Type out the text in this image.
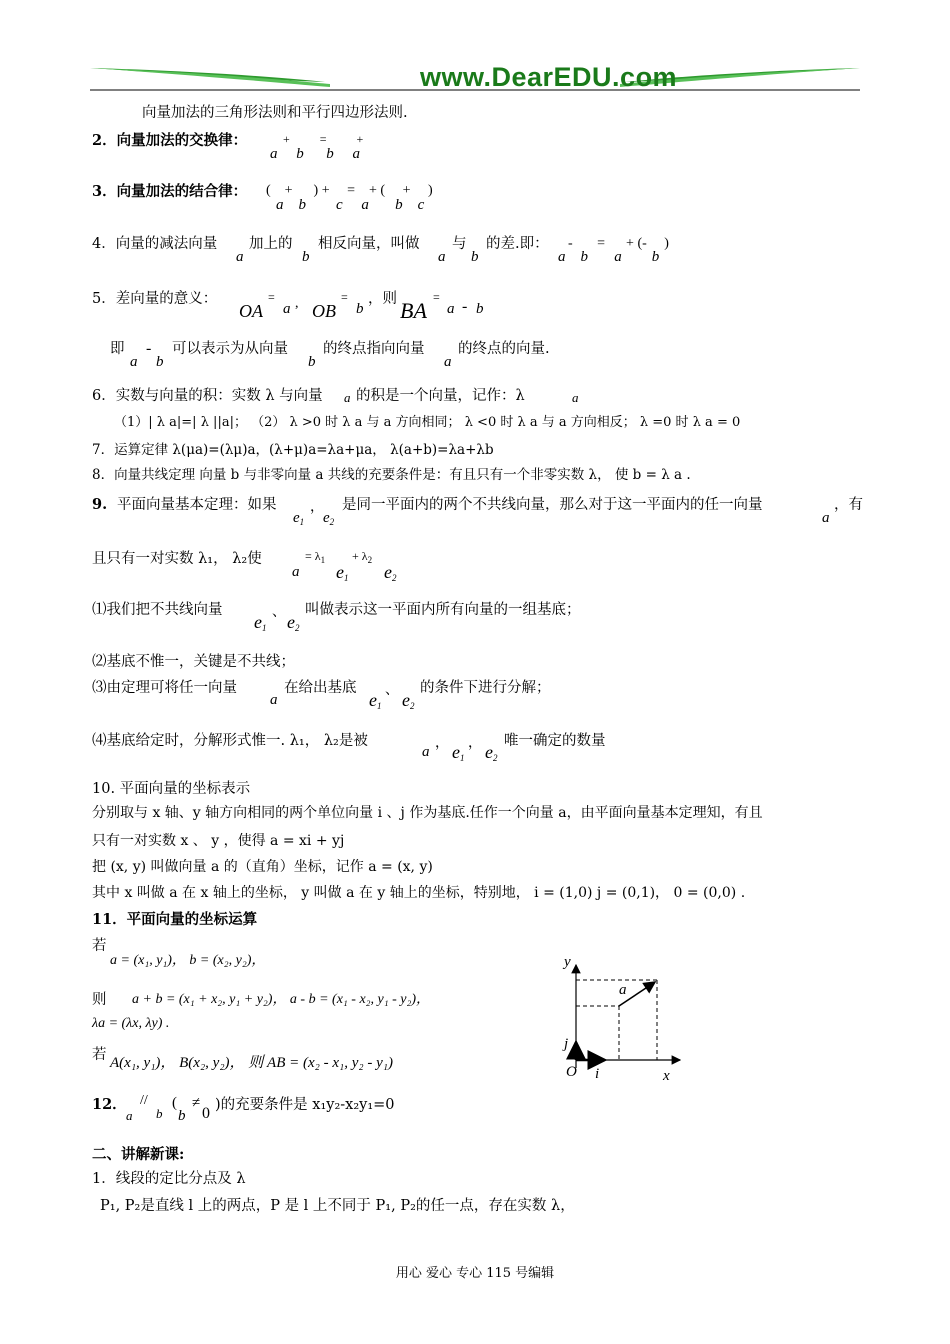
www.DearEDU.com
向量加法的三角形法则和平行四边形法则.
2．向量加法的交换律：	+          =          +
a     b      b     a
3．向量加法的结合律： (    +      ) +     =    + (     +     )
a    b        c     a       b    c
4．向量的减法向量 加上的 相反向量，叫做 与 的差.即：
a	b	a b
-       =      + (-     )
a    b       a        b
5．差向量的意义：
OA
=
a , OB
=
b
，则 BA
=
a - b
即 -
a b
可以表示为从向量
b
的终点指向向量
a
的终点的向量.
6．实数与向量的积：实数 λ 与向量 a 的积是一个向量，记作：λ	a
（1）| λ a|=| λ ||a|； （2） λ >0 时 λ a 与 a 方向相同； λ <0 时 λ a 与 a 方向相反； λ =0 时 λ a = 0
7．运算定律 λ(μa)=(λμ)a，(λ+μ)a=λa+μa， λ(a+b)=λa+λb
8．向量共线定理 向量 b 与非零向量 a 共线的充要条件是：有且只有一个非零实数 λ， 使 b = λ a .
9. 平面向量基本定理：如果
$e_1$
，
$e_2$
是同一平面内的两个不共线向量，那么对于这一平面内的任一向量
a
，有
且只有一对实数 λ₁， λ₂使
a
= $\lambda_1$
$e_1$
+ $\lambda_2$
$e_2$
⑴我们把不共线向量
$e_1$
、 $e_2$
叫做表示这一平面内所有向量的一组基底；
⑵基底不惟一，关键是不共线；
⑶由定理可将任一向量
a
在给出基底
$e_1$
、 $e_2$
的条件下进行分解；
⑷基底给定时，分解形式惟一. λ₁， λ₂是被
a
， $e_1$
， $e_2$
唯一确定的数量
10. 平面向量的坐标表示
分别取与 x 轴、y 轴方向相同的两个单位向量 i 、j 作为基底.任作一个向量 a，由平面向量基本定理知，有且
只有一对实数 x 、 y ，使得 a = xi + yj
把 (x, y) 叫做向量 a 的（直角）坐标，记作 a = (x, y)
其中 x 叫做 a 在 x 轴上的坐标， y 叫做 a 在 y 轴上的坐标，特别地， i = (1,0) j = (0,1)， 0 = (0,0) .
11．平面向量的坐标运算
若
a = (x₁, y₁)， b = (x₂, y₂)，
则 a + b = (x₁ + x₂, y₁ + y₂)， a - b = (x₁ - x₂, y₁ - y₂)，
λa = (λx, λy) .
若 A(x₁, y₁)， B(x₂, y₂)， 则 AB = (x₂ - x₁, y₂ - y₁)
y
x
O i
j
a
12． //
a b
(    ≠
b 0 )的充要条件是 x₁y₂-x₂y₁=0
二、讲解新课:
1．线段的定比分点及 λ
P₁, P₂是直线 l 上的两点，P 是 l 上不同于 P₁, P₂的任一点，存在实数 λ，
用心 爱心 专心 115 号编辑
